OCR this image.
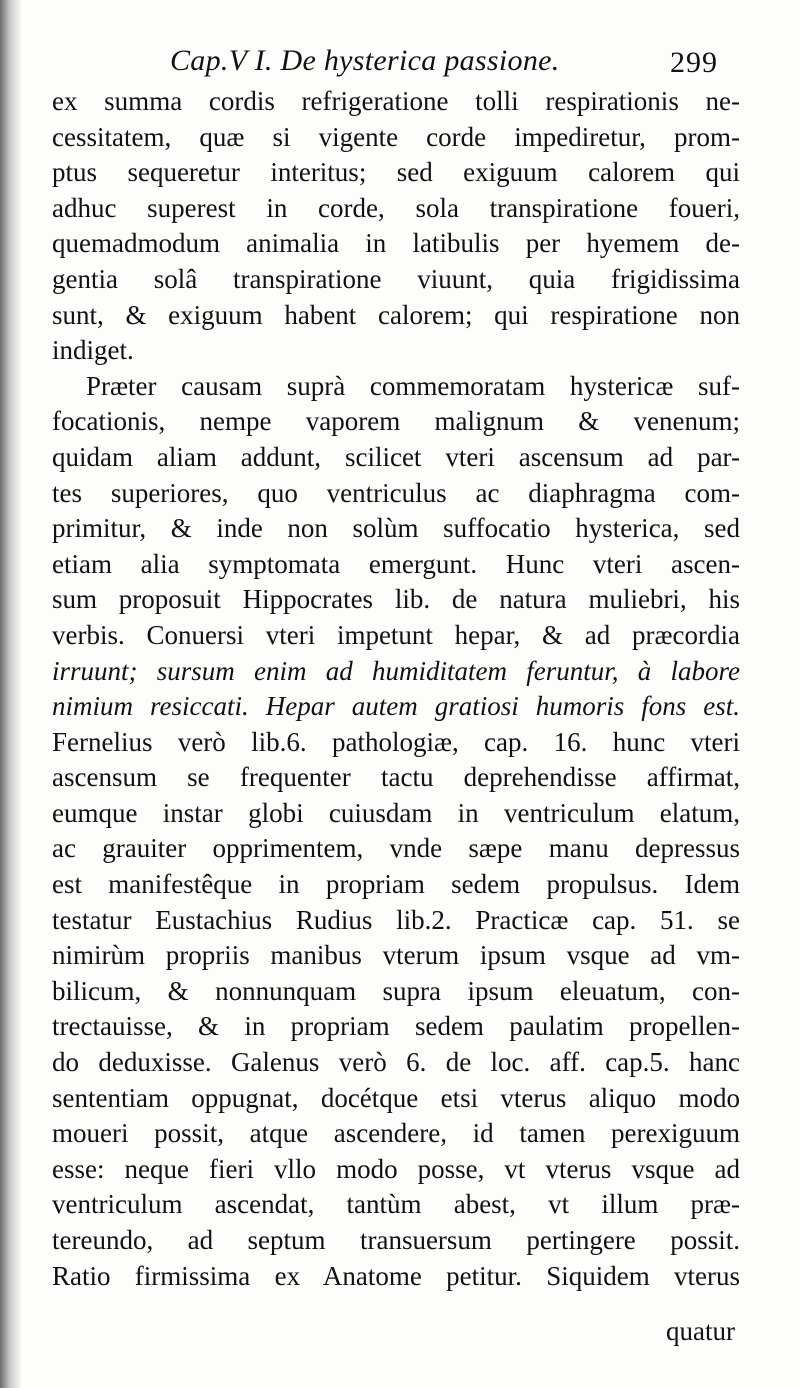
Cap.V I. De hysterica passione.	299
ex summa cordis refrigeratione tolli respirationis ne-
cessitatem, quæ si vigente corde impediretur, prom-
ptus sequeretur interitus; sed exiguum calorem qui
adhuc superest in corde, sola transpiratione foueri,
quemadmodum animalia in latibulis per hyemem de-
gentia solâ transpiratione viuunt, quia frigidissima
sunt, & exiguum habent calorem; qui respiratione non
indiget.
Præter causam suprà commemoratam hystericæ suf-
focationis, nempe vaporem malignum & venenum;
quidam aliam addunt, scilicet vteri ascensum ad par-
tes superiores, quo ventriculus ac diaphragma com-
primitur, & inde non solùm suffocatio hysterica, sed
etiam alia symptomata emergunt. Hunc vteri ascen-
sum proposuit Hippocrates lib. de natura muliebri, his
verbis. Conuersi vteri impetunt hepar, & ad præcordia
irruunt; sursum enim ad humiditatem feruntur, à labore
nimium resiccati. Hepar autem gratiosi humoris fons est.
Fernelius verò lib.6. pathologiæ, cap. 16. hunc vteri
ascensum se frequenter tactu deprehendisse affirmat,
eumque instar globi cuiusdam in ventriculum elatum,
ac grauiter opprimentem, vnde sæpe manu depressus
est manifestêque in propriam sedem propulsus. Idem
testatur Eustachius Rudius lib.2. Practicæ cap. 51. se
nimirùm propriis manibus vterum ipsum vsque ad vm-
bilicum, & nonnunquam supra ipsum eleuatum, con-
trectauisse, & in propriam sedem paulatim propellen-
do deduxisse. Galenus verò 6. de loc. aff. cap.5. hanc
sententiam oppugnat, docétque etsi vterus aliquo modo
moueri possit, atque ascendere, id tamen perexiguum
esse: neque fieri vllo modo posse, vt vterus vsque ad
ventriculum ascendat, tantùm abest, vt illum præ-
tereundo, ad septum transuersum pertingere possit.
Ratio firmissima ex Anatome petitur. Siquidem vterus
quatur
